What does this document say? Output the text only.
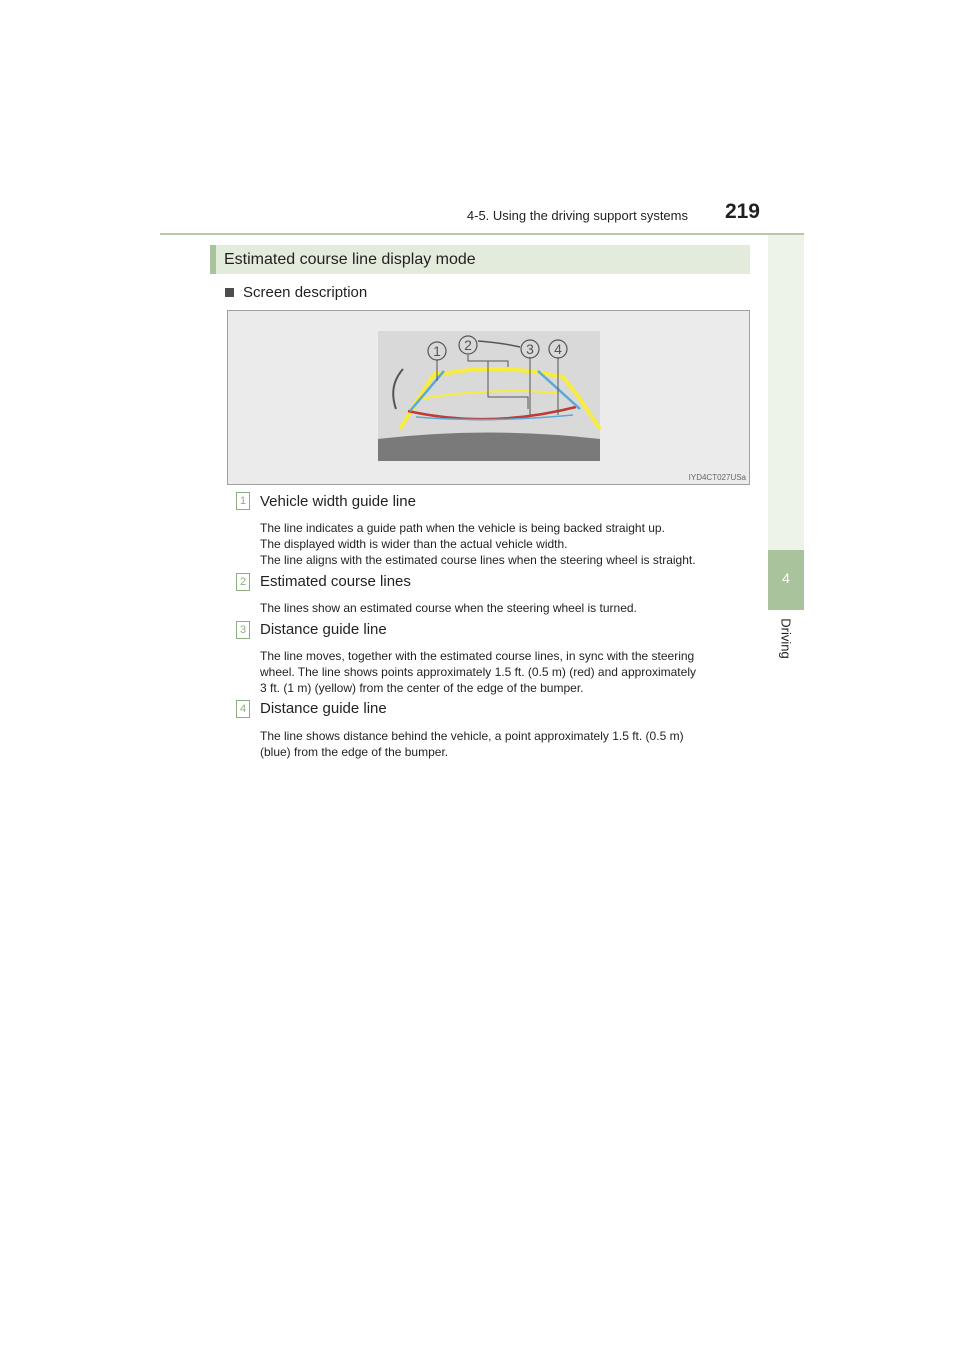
4-5. Using the driving support systems	219
4
Driving
Estimated course line display mode
Screen description
1 2	3 4
IYD4CT027USa
1 Vehicle width guide line
The line indicates a guide path when the vehicle is being backed straight up.
The displayed width is wider than the actual vehicle width.
The line aligns with the estimated course lines when the steering wheel is straight.
2 Estimated course lines
The lines show an estimated course when the steering wheel is turned.
3 Distance guide line
The line moves, together with the estimated course lines, in sync with the steering
wheel. The line shows points approximately 1.5 ft. (0.5 m) (red) and approximately
3 ft. (1 m) (yellow) from the center of the edge of the bumper.
4 Distance guide line
The line shows distance behind the vehicle, a point approximately 1.5 ft. (0.5 m)
(blue) from the edge of the bumper.
